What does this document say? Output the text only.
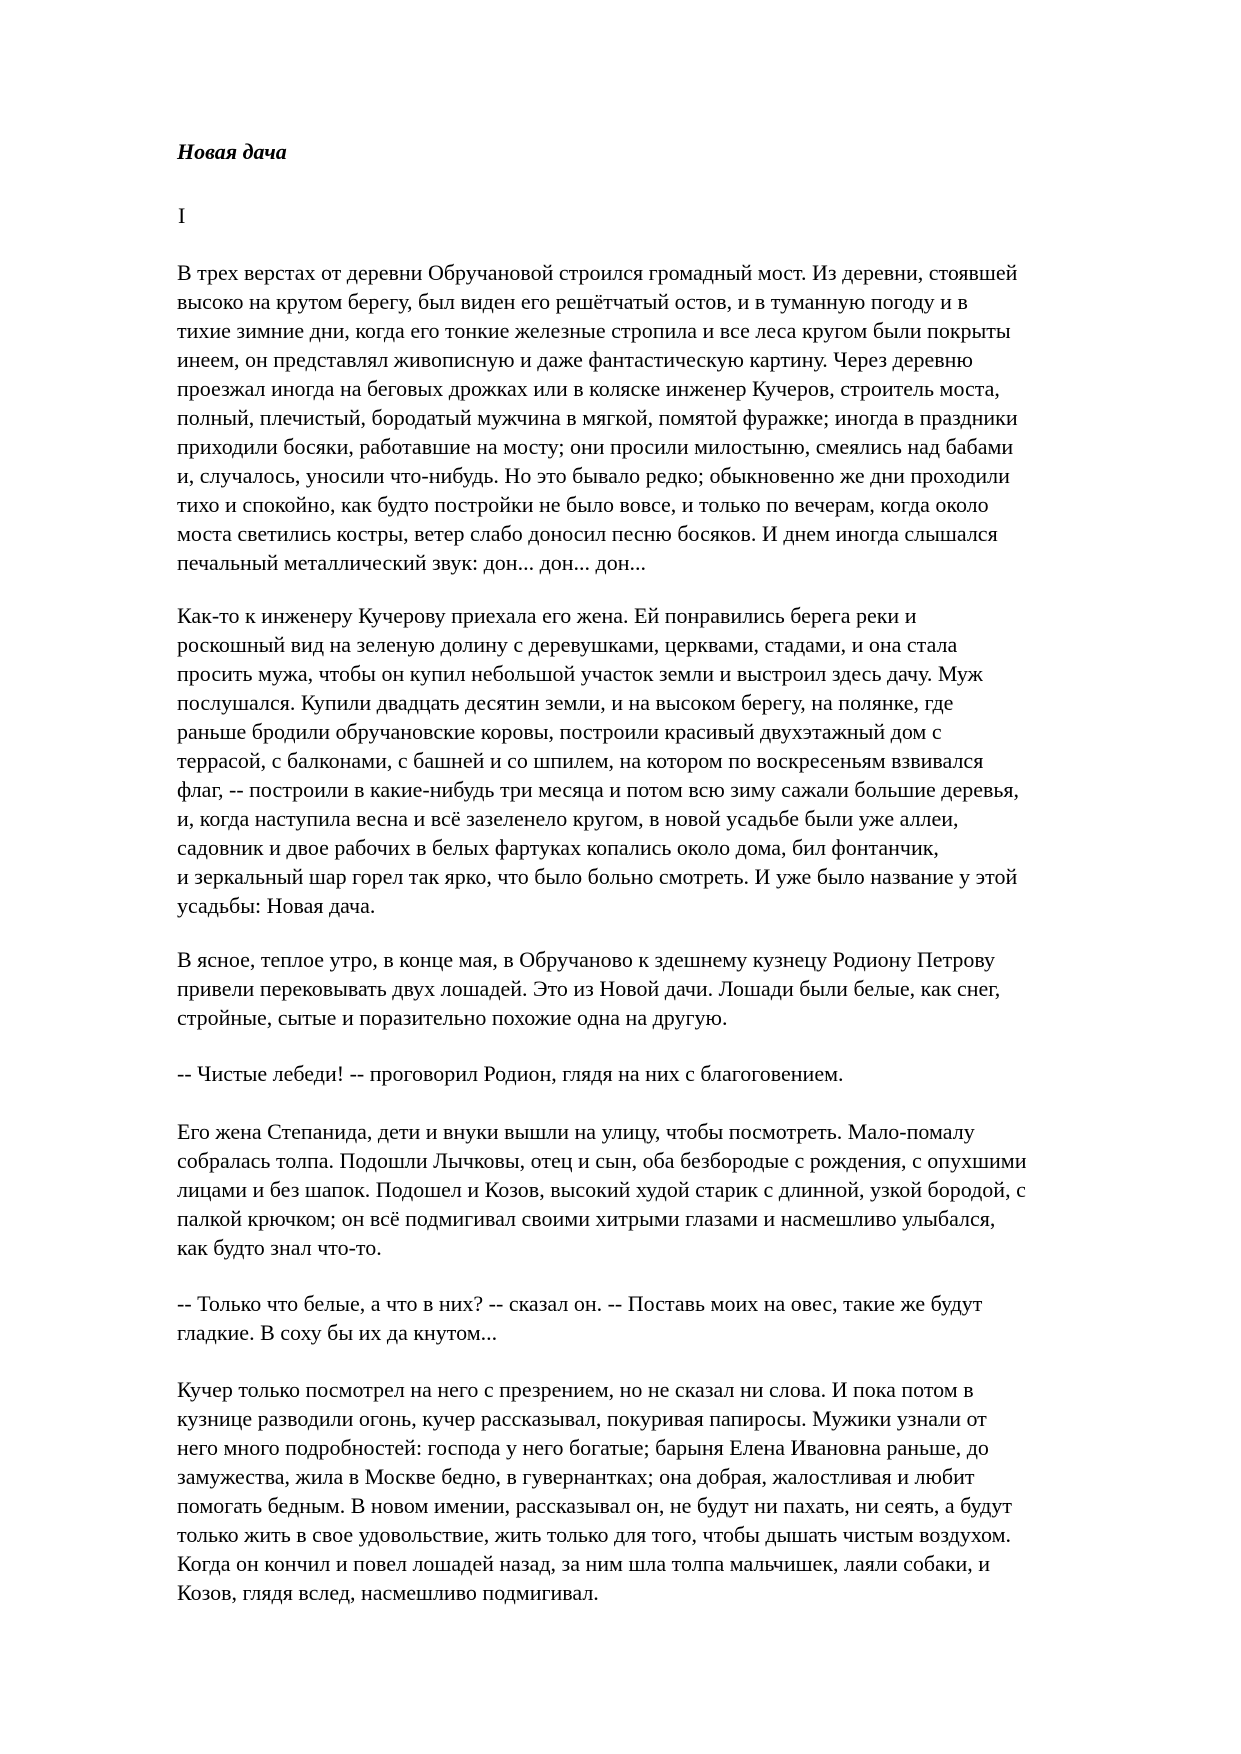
Новая дача
I
В трех верстах от деревни Обручановой строился громадный мост. Из деревни, стоявшей
высоко на крутом берегу, был виден его решётчатый остов, и в туманную погоду и в
тихие зимние дни, когда его тонкие железные стропила и все леса кругом были покрыты
инеем, он представлял живописную и даже фантастическую картину. Через деревню
проезжал иногда на беговых дрожках или в коляске инженер Кучеров, строитель моста,
полный, плечистый, бородатый мужчина в мягкой, помятой фуражке; иногда в праздники
приходили босяки, работавшие на мосту; они просили милостыню, смеялись над бабами
и, случалось, уносили что-нибудь. Но это бывало редко; обыкновенно же дни проходили
тихо и спокойно, как будто постройки не было вовсе, и только по вечерам, когда около
моста светились костры, ветер слабо доносил песню босяков. И днем иногда слышался
печальный металлический звук: дон... дон... дон...
Как-то к инженеру Кучерову приехала его жена. Ей понравились берега реки и
роскошный вид на зеленую долину с деревушками, церквами, стадами, и она стала
просить мужа, чтобы он купил небольшой участок земли и выстроил здесь дачу. Муж
послушался. Купили двадцать десятин земли, и на высоком берегу, на полянке, где
раньше бродили обручановские коровы, построили красивый двухэтажный дом с
террасой, с балконами, с башней и со шпилем, на котором по воскресеньям взвивался
флаг, -- построили в какие-нибудь три месяца и потом всю зиму сажали большие деревья,
и, когда наступила весна и всё зазеленело кругом, в новой усадьбе были уже аллеи,
садовник и двое рабочих в белых фартуках копались около дома, бил фонтанчик,
и зеркальный шар горел так ярко, что было больно смотреть. И уже было название у этой
усадьбы: Новая дача.
В ясное, теплое утро, в конце мая, в Обручаново к здешнему кузнецу Родиону Петрову
привели перековывать двух лошадей. Это из Новой дачи. Лошади были белые, как снег,
стройные, сытые и поразительно похожие одна на другую.
-- Чистые лебеди! -- проговорил Родион, глядя на них с благоговением.
Его жена Степанида, дети и внуки вышли на улицу, чтобы посмотреть. Мало-помалу
собралась толпа. Подошли Лычковы, отец и сын, оба безбородые с рождения, с опухшими
лицами и без шапок. Подошел и Козов, высокий худой старик с длинной, узкой бородой, с
палкой крючком; он всё подмигивал своими хитрыми глазами и насмешливо улыбался,
как будто знал что-то.
-- Только что белые, а что в них? -- сказал он. -- Поставь моих на овес, такие же будут
гладкие. В соху бы их да кнутом...
Кучер только посмотрел на него с презрением, но не сказал ни слова. И пока потом в
кузнице разводили огонь, кучер рассказывал, покуривая папиросы. Мужики узнали от
него много подробностей: господа у него богатые; барыня Елена Ивановна раньше, до
замужества, жила в Москве бедно, в гувернантках; она добрая, жалостливая и любит
помогать бедным. В новом имении, рассказывал он, не будут ни пахать, ни сеять, а будут
только жить в свое удовольствие, жить только для того, чтобы дышать чистым воздухом.
Когда он кончил и повел лошадей назад, за ним шла толпа мальчишек, лаяли собаки, и
Козов, глядя вслед, насмешливо подмигивал.
